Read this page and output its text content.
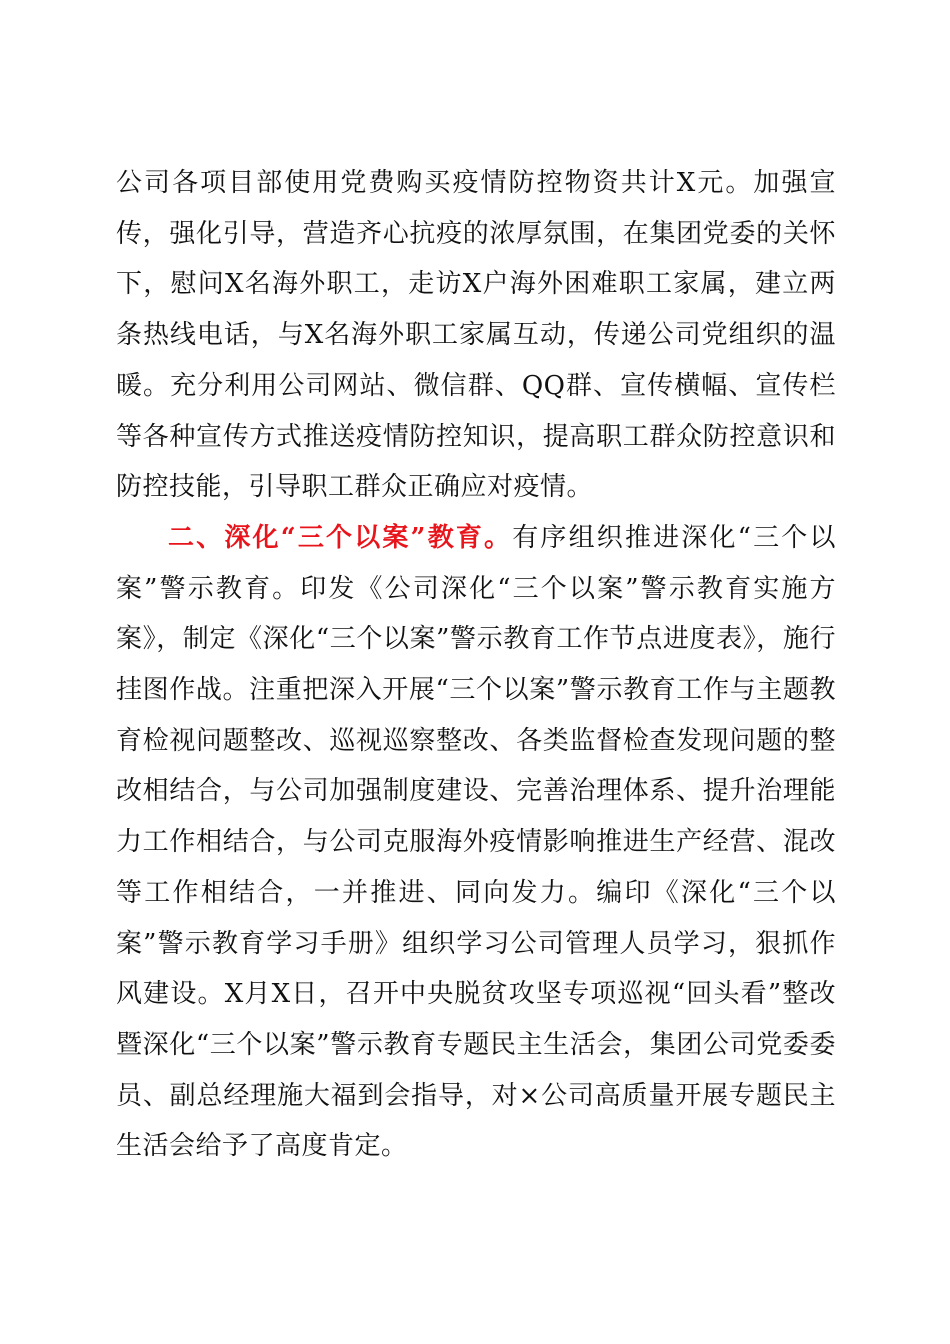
公司各项目部使用党费购买疫情防控物资共计X元。加强宣传，强化引导，营造齐心抗疫的浓厚氛围，在集团党委的关怀下，慰问X名海外职工，走访X户海外困难职工家属，建立两条热线电话，与X名海外职工家属互动，传递公司党组织的温暖。充分利用公司网站、微信群、QQ群、宣传横幅、宣传栏等各种宣传方式推送疫情防控知识，提高职工群众防控意识和防控技能，引导职工群众正确应对疫情。

二、深化“三个以案”教育。有序组织推进深化“三个以案”警示教育。印发《公司深化“三个以案”警示教育实施方案》，制定《深化“三个以案”警示教育工作节点进度表》，施行挂图作战。注重把深入开展“三个以案”警示教育工作与主题教育检视问题整改、巡视巡察整改、各类监督检查发现问题的整改相结合，与公司加强制度建设、完善治理体系、提升治理能力工作相结合，与公司克服海外疫情影响推进生产经营、混改等工作相结合，一并推进、同向发力。编印《深化“三个以案”警示教育学习手册》组织学习公司管理人员学习，狠抓作风建设。X月X日，召开中央脱贫攻坚专项巡视“回头看”整改暨深化“三个以案”警示教育专题民主生活会，集团公司党委委员、副总经理施大福到会指导，对×公司高质量开展专题民主生活会给予了高度肯定。
